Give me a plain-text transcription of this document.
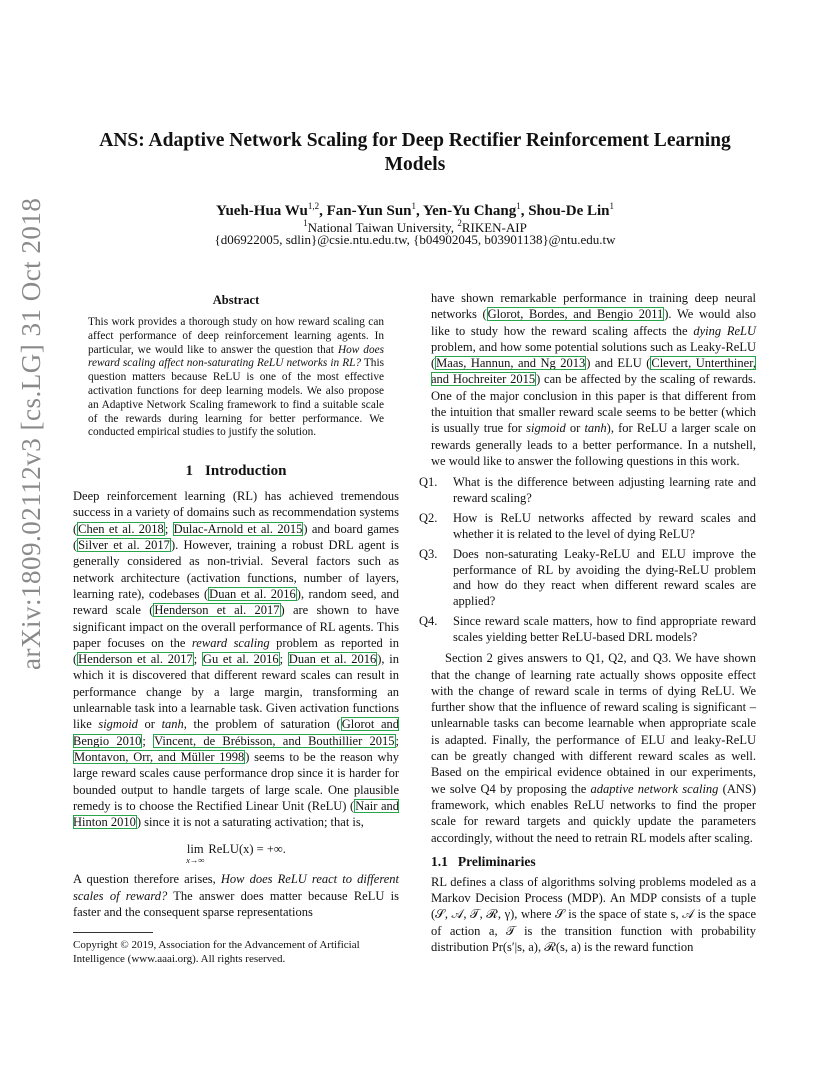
arXiv:1809.02112v3 [cs.LG] 31 Oct 2018
ANS: Adaptive Network Scaling for Deep Rectifier Reinforcement Learning
Models
Yueh-Hua Wu$^{1,2}$, Fan-Yun Sun$^1$, Yen-Yu Chang$^1$, Shou-De Lin$^1$
$^1$National Taiwan University, $^2$RIKEN-AIP
{d06922005, sdlin}@csie.ntu.edu.tw, {b04902045, b03901138}@ntu.edu.tw
Abstract
This work provides a thorough study on how reward scaling can affect performance of deep reinforcement learning agents. In particular, we would like to answer the question that How does reward scaling affect non-saturating ReLU networks in RL? This question matters because ReLU is one of the most effective activation functions for deep learning models. We also propose an Adaptive Network Scaling framework to find a suitable scale of the rewards during learning for better performance. We conducted empirical studies to justify the solution.
1 Introduction

Deep reinforcement learning (RL) has achieved tremendous success in a variety of domains such as recommendation systems (Chen et al. 2018; Dulac-Arnold et al. 2015) and board games (Silver et al. 2017). However, training a robust DRL agent is generally considered as non-trivial. Several factors such as network architecture (activation functions, number of layers, learning rate), codebases (Duan et al. 2016), random seed, and reward scale (Henderson et al. 2017) are shown to have significant impact on the overall performance of RL agents. This paper focuses on the reward scaling problem as reported in (Henderson et al. 2017; Gu et al. 2016; Duan et al. 2016), in which it is discovered that different reward scales can result in performance change by a large margin, transforming an unlearnable task into a learnable task. Given activation functions like sigmoid or tanh, the problem of saturation (Glorot and Bengio 2010; Vincent, de Brébisson, and Bouthillier 2015; Montavon, Orr, and Müller 1998) seems to be the reason why large reward scales cause performance drop since it is harder for bounded output to handle targets of large scale. One plausible remedy is to choose the Rectified Linear Unit (ReLU) (Nair and Hinton 2010) since it is not a saturating activation; that is,

lim
x→∞
ReLU(x) = +∞.

A question therefore arises, How does ReLU react to different scales of reward? The answer does matter because ReLU is faster and the consequent sparse representations

Copyright © 2019, Association for the Advancement of Artificial Intelligence (www.aaai.org). All rights reserved.

have shown remarkable performance in training deep neural networks (Glorot, Bordes, and Bengio 2011). We would also like to study how the reward scaling affects the dying ReLU problem, and how some potential solutions such as Leaky-ReLU (Maas, Hannun, and Ng 2013) and ELU (Clevert, Unterthiner, and Hochreiter 2015) can be affected by the scaling of rewards. One of the major conclusion in this paper is that different from the intuition that smaller reward scale seems to be better (which is usually true for sigmoid or tanh), for ReLU a larger scale on rewards generally leads to a better performance. In a nutshell, we would like to answer the following questions in this work.

Q1.	What is the difference between adjusting learning rate and reward scaling?
Q2.	How is ReLU networks affected by reward scales and whether it is related to the level of dying ReLU?
Q3.	Does non-saturating Leaky-ReLU and ELU improve the performance of RL by avoiding the dying-ReLU problem and how do they react when different reward scales are applied?
Q4.	Since reward scale matters, how to find appropriate reward scales yielding better ReLU-based DRL models?

Section 2 gives answers to Q1, Q2, and Q3. We have shown that the change of learning rate actually shows opposite effect with the change of reward scale in terms of dying ReLU. We further show that the influence of reward scaling is significant – unlearnable tasks can become learnable when appropriate scale is adapted. Finally, the performance of ELU and leaky-ReLU can be greatly changed with different reward scales as well. Based on the empirical evidence obtained in our experiments, we solve Q4 by proposing the adaptive network scaling (ANS) framework, which enables ReLU networks to find the proper scale for reward targets and quickly update the parameters accordingly, without the need to retrain RL models after scaling.

1.1 Preliminaries

RL defines a class of algorithms solving problems modeled as a Markov Decision Process (MDP). An MDP consists of a tuple (𝒮, 𝒜, 𝒯, ℛ, γ), where 𝒮 is the space of state s, 𝒜 is the space of action a, 𝒯 is the transition function with probability distribution Pr(s′|s, a), ℛ(s, a) is the reward function
